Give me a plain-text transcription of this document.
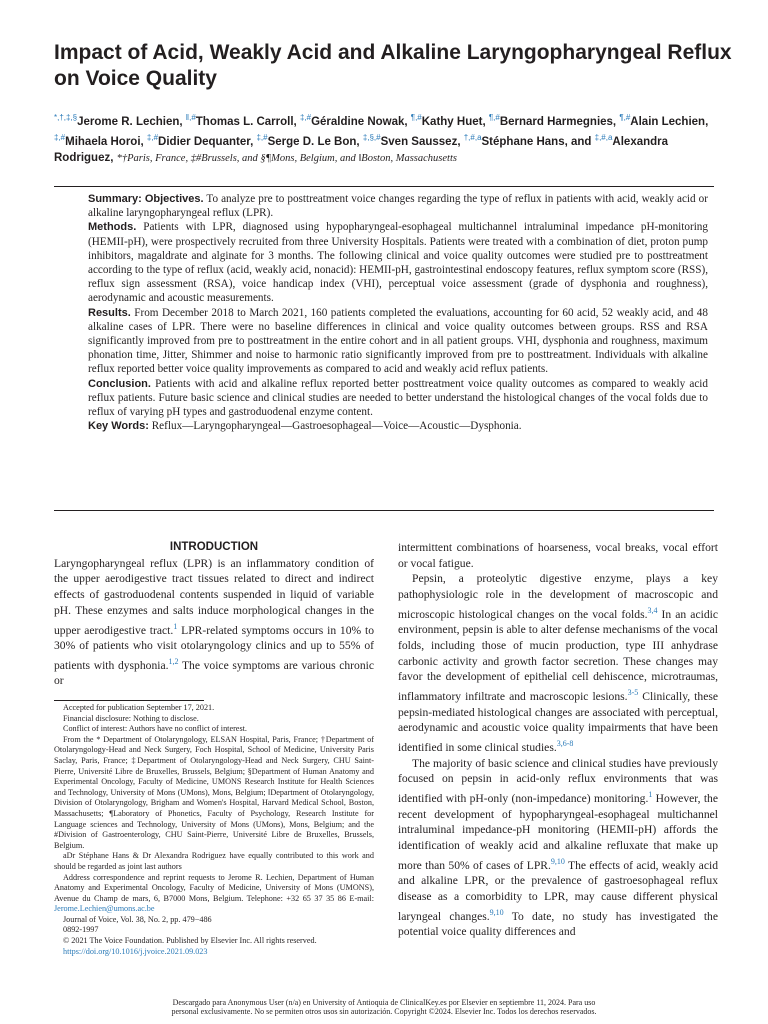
Impact of Acid, Weakly Acid and Alkaline Laryngopharyngeal Reflux on Voice Quality
*,†,‡,§Jerome R. Lechien, ‖,#Thomas L. Carroll, ‡,#Géraldine Nowak, ¶,#Kathy Huet, ¶,#Bernard Harmegnies, ¶,#Alain Lechien, ‡,#Mihaela Horoi, ‡,#Didier Dequanter, ‡,#Serge D. Le Bon, ‡,§,#Sven Saussez, $^{\dagger,\#,a}$Stéphane Hans, and $^{\ddagger,\#,a}$Alexandra Rodriguez, *†Paris, France, ‡#Brussels, and §¶Mons, Belgium, and ‖Boston, Massachusetts

Summary: Objectives. To analyze pre to posttreatment voice changes regarding the type of reflux in patients with acid, weakly acid or alkaline laryngopharyngeal reflux (LPR).

Methods. Patients with LPR, diagnosed using hypopharyngeal-esophageal multichannel intraluminal impedance pH-monitoring (HEMII-pH), were prospectively recruited from three University Hospitals. Patients were treated with a combination of diet, proton pump inhibitors, magaldrate and alginate for 3 months. The following clinical and voice quality outcomes were studied pre to posttreatment according to the type of reflux (acid, weakly acid, nonacid): HEMII-pH, gastrointestinal endoscopy features, reflux symptom score (RSS), reflux sign assessment (RSA), voice handicap index (VHI), perceptual voice assessment (grade of dysphonia and roughness), aerodynamic and acoustic measurements.

Results. From December 2018 to March 2021, 160 patients completed the evaluations, accounting for 60 acid, 52 weakly acid, and 48 alkaline cases of LPR. There were no baseline differences in clinical and voice quality outcomes between groups. RSS and RSA significantly improved from pre to posttreatment in the entire cohort and in all patient groups. VHI, dysphonia and roughness, maximum phonation time, Jitter, Shimmer and noise to harmonic ratio significantly improved from pre to posttreatment. Individuals with alkaline reflux reported better voice quality improvements as compared to acid and weakly acid reflux patients.

Conclusion. Patients with acid and alkaline reflux reported better posttreatment voice quality outcomes as compared to weakly acid reflux patients. Future basic science and clinical studies are needed to better understand the histological changes of the vocal folds due to reflux of varying pH types and gastroduodenal enzyme content.

Key Words: Reflux—Laryngopharyngeal—Gastroesophageal—Voice—Acoustic—Dysphonia.

INTRODUCTION

Laryngopharyngeal reflux (LPR) is an inflammatory condition of the upper aerodigestive tract tissues related to direct and indirect effects of gastroduodenal contents suspended in liquid of variable pH. These enzymes and salts induce morphological changes in the upper aerodigestive tract.$^1$ LPR-related symptoms occurs in 10% to 30% of patients who visit otolaryngology clinics and up to 55% of patients with dysphonia.$^{1,2}$ The voice symptoms are various chronic or

intermittent combinations of hoarseness, vocal breaks, vocal effort or vocal fatigue.

Pepsin, a proteolytic digestive enzyme, plays a key pathophysiologic role in the development of macroscopic and microscopic histological changes on the vocal folds.$^{3,4}$ In an acidic environment, pepsin is able to alter defense mechanisms of the vocal folds, including those of mucin production, type III anhydrase carbonic activity and growth factor secretion. These changes may favor the development of epithelial cell dehiscence, microtraumas, inflammatory infiltrate and macroscopic lesions.$^{3-5}$ Clinically, these pepsin-mediated histological changes are associated with perceptual, aerodynamic and acoustic voice quality impairments that have been identified in some clinical studies.$^{3,6-8}$

The majority of basic science and clinical studies have previously focused on pepsin in acid-only reflux environments that was identified with pH-only (non-impedance) monitoring.$^1$ However, the recent development of hypopharyngeal-esophageal multichannel intraluminal impedance-pH monitoring (HEMII-pH) affords the identification of weakly acid and alkaline refluxate that make up more than 50% of cases of LPR.$^{9,10}$ The effects of acid, weakly acid and alkaline LPR, or the prevalence of gastroesophageal reflux disease as a comorbidity to LPR, may cause different physical laryngeal changes.$^{9,10}$ To date, no study has investigated the potential voice quality differences and

Accepted for publication September 17, 2021.

Financial disclosure: Nothing to disclose.

Conflict of interest: Authors have no conflict of interest.

From the * Department of Otolaryngology, ELSAN Hospital, Paris, France; †Department of Otolaryngology-Head and Neck Surgery, Foch Hospital, School of Medicine, University Paris Saclay, Paris, France; ‡Department of Otolaryngology-Head and Neck Surgery, CHU Saint-Pierre, Université Libre de Bruxelles, Brussels, Belgium; §Department of Human Anatomy and Experimental Oncology, Faculty of Medicine, UMONS Research Institute for Health Sciences and Technology, University of Mons (UMons), Mons, Belgium; ‖Department of Otolaryngology, Division of Otolaryngology, Brigham and Women's Hospital, Harvard Medical School, Boston, Massachusetts; ¶Laboratory of Phonetics, Faculty of Psychology, Research Institute for Language sciences and Technology, University of Mons (UMons), Mons, Belgium; and the #Division of Gastroenterology, CHU Saint-Pierre, Université Libre de Bruxelles, Brussels, Belgium.

aDr Stéphane Hans & Dr Alexandra Rodriguez have equally contributed to this work and should be regarded as joint last authors

Address correspondence and reprint requests to Jerome R. Lechien, Department of Human Anatomy and Experimental Oncology, Faculty of Medicine, University of Mons (UMONS), Avenue du Champ de mars, 6, B7000 Mons, Belgium. Telephone: +32 65 37 35 86 E-mail: Jerome.Lechien@umons.ac.be

Journal of Voice, Vol. 38, No. 2, pp. 479−486

0892-1997

© 2021 The Voice Foundation. Published by Elsevier Inc. All rights reserved.

https://doi.org/10.1016/j.jvoice.2021.09.023

Descargado para Anonymous User (n/a) en University of Antioquia de ClinicalKey.es por Elsevier en septiembre 11, 2024. Para uso
personal exclusivamente. No se permiten otros usos sin autorización. Copyright ©2024. Elsevier Inc. Todos los derechos reservados.
